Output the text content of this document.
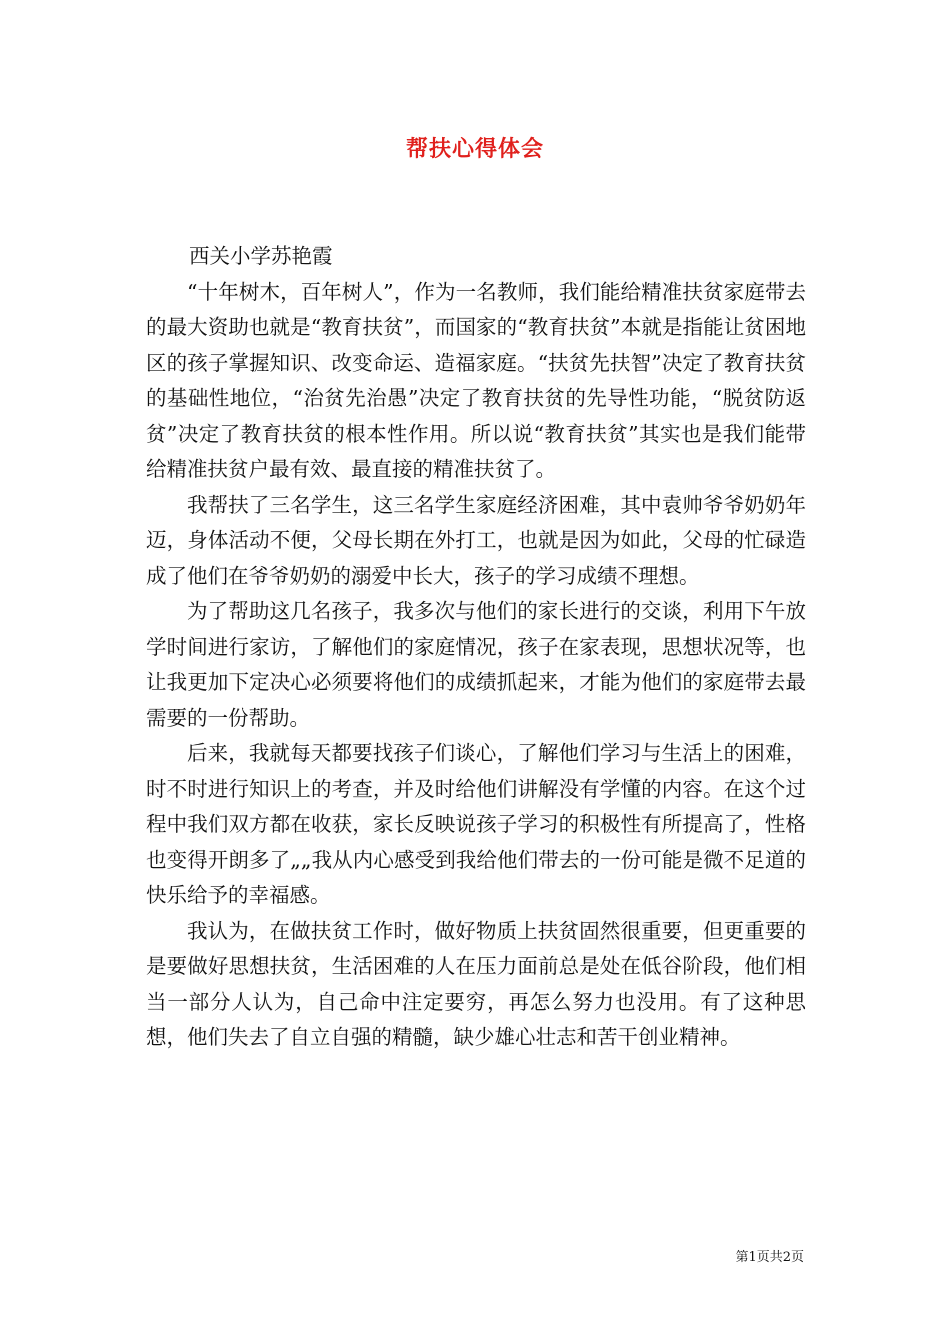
帮扶心得体会

西关小学苏艳霞

“十年树木，百年树人”，作为一名教师，我们能给精准扶贫家庭带去的最大资助也就是“教育扶贫”，而国家的“教育扶贫”本就是指能让贫困地区的孩子掌握知识、改变命运、造福家庭。“扶贫先扶智”决定了教育扶贫的基础性地位，“治贫先治愚”决定了教育扶贫的先导性功能，“脱贫防返贫”决定了教育扶贫的根本性作用。所以说“教育扶贫”其实也是我们能带给精准扶贫户最有效、最直接的精准扶贫了。

我帮扶了三名学生，这三名学生家庭经济困难，其中袁帅爷爷奶奶年迈，身体活动不便，父母长期在外打工，也就是因为如此，父母的忙碌造成了他们在爷爷奶奶的溺爱中长大，孩子的学习成绩不理想。

为了帮助这几名孩子，我多次与他们的家长进行的交谈，利用下午放学时间进行家访，了解他们的家庭情况，孩子在家表现，思想状况等，也让我更加下定决心必须要将他们的成绩抓起来，才能为他们的家庭带去最需要的一份帮助。

后来，我就每天都要找孩子们谈心，了解他们学习与生活上的困难，时不时进行知识上的考查，并及时给他们讲解没有学懂的内容。在这个过程中我们双方都在收获，家长反映说孩子学习的积极性有所提高了，性格也变得开朗多了„„我从内心感受到我给他们带去的一份可能是微不足道的快乐给予的幸福感。

我认为，在做扶贫工作时，做好物质上扶贫固然很重要，但更重要的是要做好思想扶贫，生活困难的人在压力面前总是处在低谷阶段，他们相当一部分人认为，自己命中注定要穷，再怎么努力也没用。有了这种思想，他们失去了自立自强的精髓，缺少雄心壮志和苦干创业精神。

第1页共2页
